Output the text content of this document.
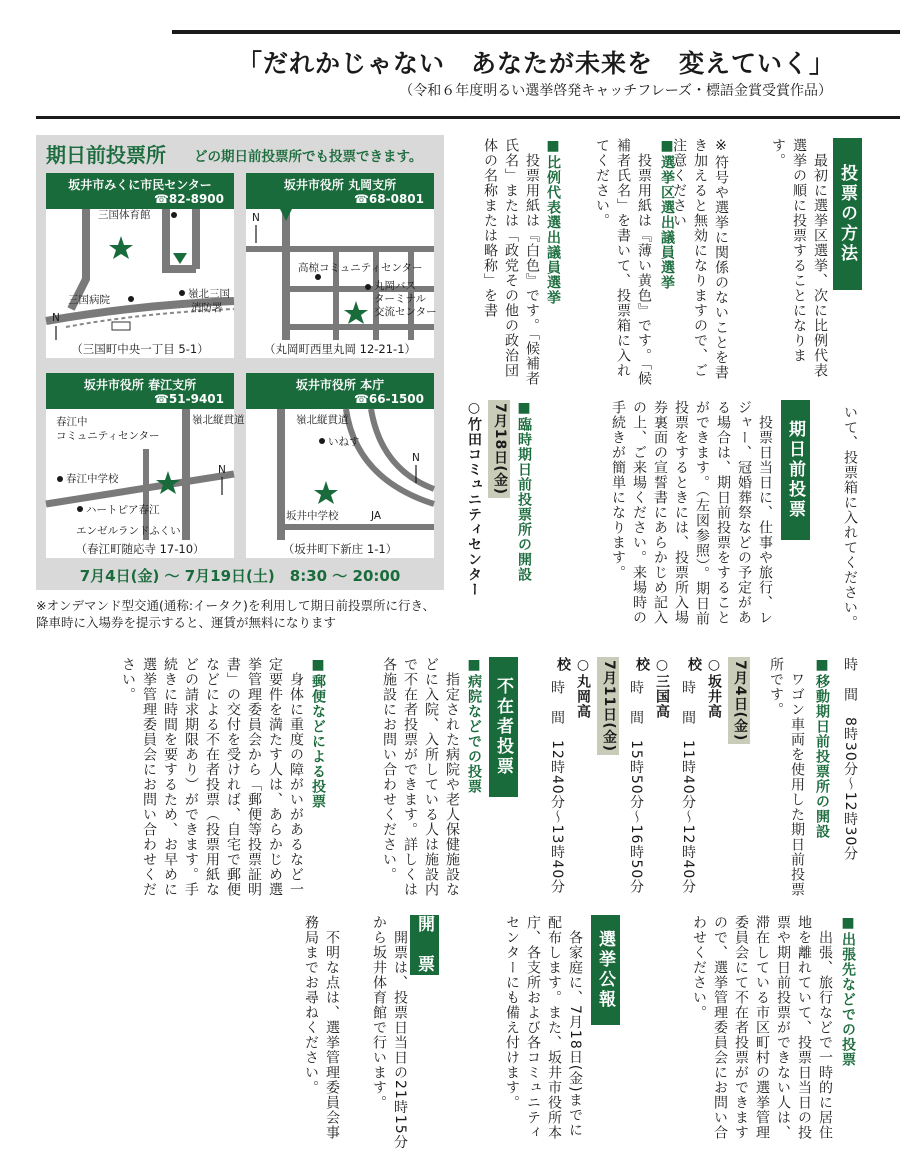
「だれかじゃない　あなたが未来を　変えていく」
（令和６年度明るい選挙啓発キャッチフレーズ・標語金賞受賞作品）
期日前投票所 どの期日前投票所でも投票できます。
坂井市みくに市民センター
☎82-8900
三国体育館
三国病院	嶺北三国
消防署
N
（三国町中央一丁目 5-1）
坂井市役所 丸岡支所
☎68-0801
高椋コミュニティセンター
丸岡バス
ターミナル
交流センター
N
（丸岡町西里丸岡 12-21-1）
坂井市役所 春江支所
☎51-9401
春江中
コミュニティセンター
嶺北縦貫道
春江中学校
ハートピア春江
エンゼルランドふくい
N
（春江町随応寺 17-10）
坂井市役所 本庁
☎66-1500
嶺北縦貫道
いねす
坂井中学校	JA
N
（坂井町下新庄 1-1）
7月4日(金) ～ 7月19日(土)　8:30 ～ 20:00
※オンデマンド型交通(通称:イータク)を利用して期日前投票所に行き、降車時に入場券を提示すると、運賃が無料になります
投票の方法
　最初に選挙区選挙、次に比例代表選挙の順に投票することになります。
※符号や選挙に関係のないことを書き加えると無効になりますので、ご注意ください
■選挙区選出議員選挙
　投票用紙は『薄い黄色』です。「候補者氏名」を書いて、投票箱に入れてください。
■比例代表選出議員選挙
　投票用紙は『白色』です。「候補者氏名」または「政党その他の政治団体の名称または略称」を書
いて、投票箱に入れてください。
期日前投票
　投票日当日に、仕事や旅行、レジャー、冠婚葬祭などの予定がある場合は、期日前投票をすることができます。（左図参照）。期日前投票をするときには、投票所入場券裏面の宣誓書にあらかじめ記入の上、ご来場ください。来場時の手続きが簡単になります。
■臨時期日前投票所の開設
7月18日(金)
○竹田コミュニティセンター
時　間　8時30分～12時30分
■移動期日前投票所の開設
　ワゴン車両を使用した期日前投票所です。
7月4日(金)
○坂井高校
時　間　11時40分～12時40分
○三国高校
時　間　15時50分～16時50分
7月11日(金)
○丸岡高校
時　間　12時40分～13時40分
不在者投票
■病院などでの投票
　指定された病院や老人保健施設などに入院、入所している人は施設内で不在者投票ができます。詳しくは各施設にお問い合わせください。
■郵便などによる投票
　身体に重度の障がいがあるなど一定要件を満たす人は、あらかじめ選挙管理委員会から「郵便等投票証明書」の交付を受ければ、自宅で郵便などによる不在者投票（投票用紙などの請求期限あり）ができます。手続きに時間を要するため、お早めに選挙管理委員会にお問い合わせください。
■出張先などでの投票
　出張、旅行などで一時的に居住地を離れていて、投票日当日の投票や期日前投票ができない人は、滞在している市区町村の選挙管理委員会にて不在者投票ができますので、選挙管理委員会にお問い合わせください。
選挙公報
　各家庭に、7月18日(金)までに配布します。また、坂井市役所本庁、各支所および各コミュニティセンターにも備え付けます。
開　票
　開票は、投票日当日の21時15分から坂井体育館で行います。
　不明な点は、選挙管理委員会事務局までお尋ねください。
